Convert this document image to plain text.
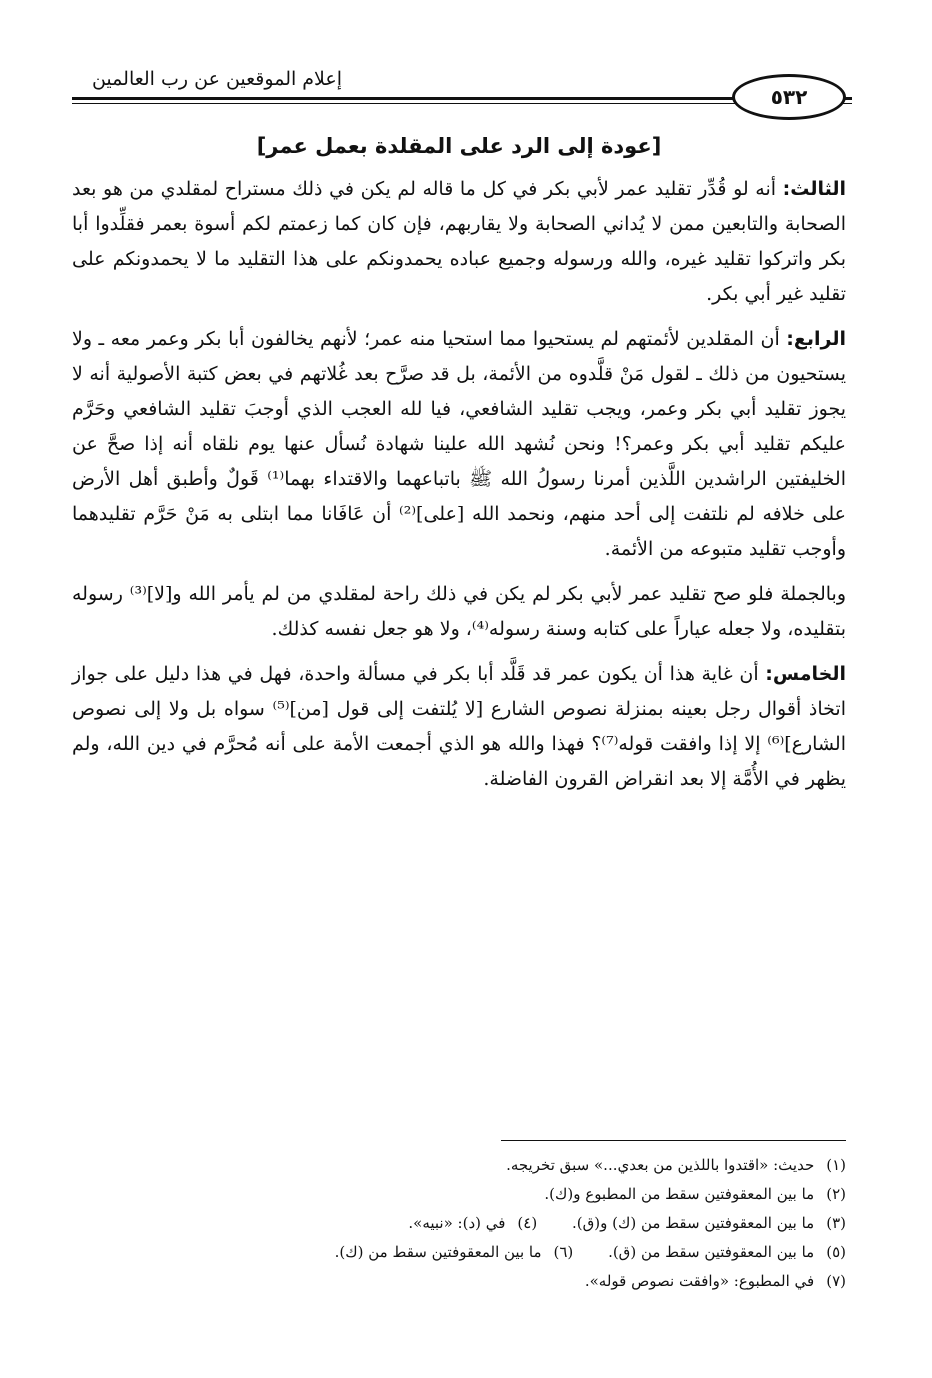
إعلام الموقعين عن رب العالمين
٥٣٢
[عودة إلى الرد على المقلدة بعمل عمر]

الثالث: أنه لو قُدِّر تقليد عمر لأبي بكر في كل ما قاله لم يكن في ذلك مستراح لمقلدي من هو بعد الصحابة والتابعين ممن لا يُداني الصحابة ولا يقاربهم، فإن كان كما زعمتم لكم أسوة بعمر فقلِّدوا أبا بكر واتركوا تقليد غيره، والله ورسوله وجميع عباده يحمدونكم على هذا التقليد ما لا يحمدونكم على تقليد غير أبي بكر.

الرابع: أن المقلدين لأئمتهم لم يستحيوا مما استحيا منه عمر؛ لأنهم يخالفون أبا بكر وعمر معه ـ ولا يستحيون من ذلك ـ لقول مَنْ قلَّدوه من الأئمة، بل قد صرَّح بعد غُلاتهم في بعض كتبة الأصولية أنه لا يجوز تقليد أبي بكر وعمر، ويجب تقليد الشافعي، فيا لله العجب الذي أوجبَ تقليد الشافعي وحَرَّم عليكم تقليد أبي بكر وعمر؟! ونحن نُشهد الله علينا شهادة نُسأل عنها يوم نلقاه أنه إذا صحَّ عن الخليفتين الراشدين اللَّذين أمرنا رسولُ الله ﷺ باتباعهما والاقتداء بهما⁽¹⁾ قَولٌ وأطبق أهل الأرض على خلافه لم نلتفت إلى أحد منهم، ونحمد الله [على]⁽²⁾ أن عَافَانا مما ابتلى به مَنْ حَرَّم تقليدهما وأوجب تقليد متبوعه من الأئمة.

وبالجملة فلو صح تقليد عمر لأبي بكر لم يكن في ذلك راحة لمقلدي من لم يأمر الله و[لا]⁽³⁾ رسوله بتقليده، ولا جعله عياراً على كتابه وسنة رسوله⁽⁴⁾، ولا هو جعل نفسه كذلك.

الخامس: أن غاية هذا أن يكون عمر قد قَلَّد أبا بكر في مسألة واحدة، فهل في هذا دليل على جواز اتخاذ أقوال رجل بعينه بمنزلة نصوص الشارع [لا يُلتفت إلى قول [من]⁽⁵⁾ سواه بل ولا إلى نصوص الشارع]⁽⁶⁾ إلا إذا وافقت قوله⁽⁷⁾؟ فهذا والله هو الذي أجمعت الأمة على أنه مُحرَّم في دين الله، ولم يظهر في الأُمَّة إلا بعد انقراض القرون الفاضلة.

(١)حديث: «اقتدوا باللذين من بعدي...» سبق تخريجه.
(٢)ما بين المعقوفتين سقط من المطبوع و(ك).
(٣)ما بين المعقوفتين سقط من (ك) و(ق). (٤)في (د): «نبيه».
(٥)ما بين المعقوفتين سقط من (ق). (٦)ما بين المعقوفتين سقط من (ك).
(٧)في المطبوع: «وافقت نصوص قوله».
